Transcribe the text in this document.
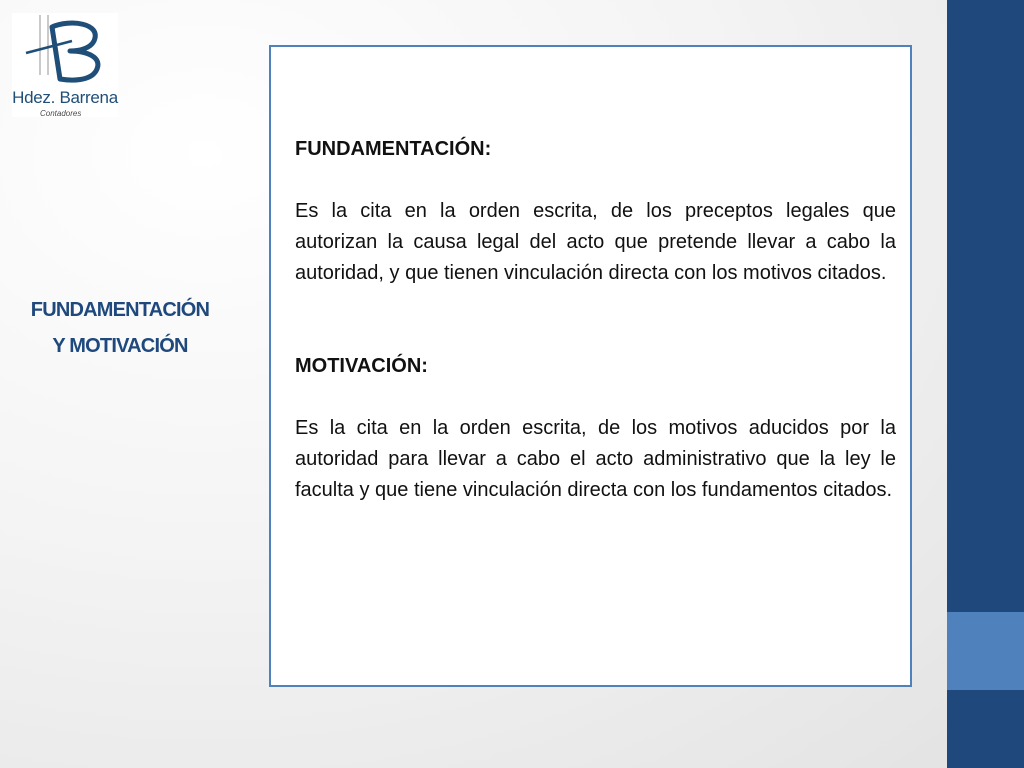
Hdez. Barrena
Contadores
FUNDAMENTACIÓN
Y MOTIVACIÓN

FUNDAMENTACIÓN:

Es la cita en la orden escrita, de los preceptos legales que autorizan la causa legal del acto que pretende llevar a cabo la autoridad, y que tienen vinculación directa con los motivos citados.

MOTIVACIÓN:

Es la cita en la orden escrita, de los motivos aducidos por la autoridad para llevar a cabo el acto administrativo que la ley le faculta y que tiene vinculación directa con los fundamentos citados.
